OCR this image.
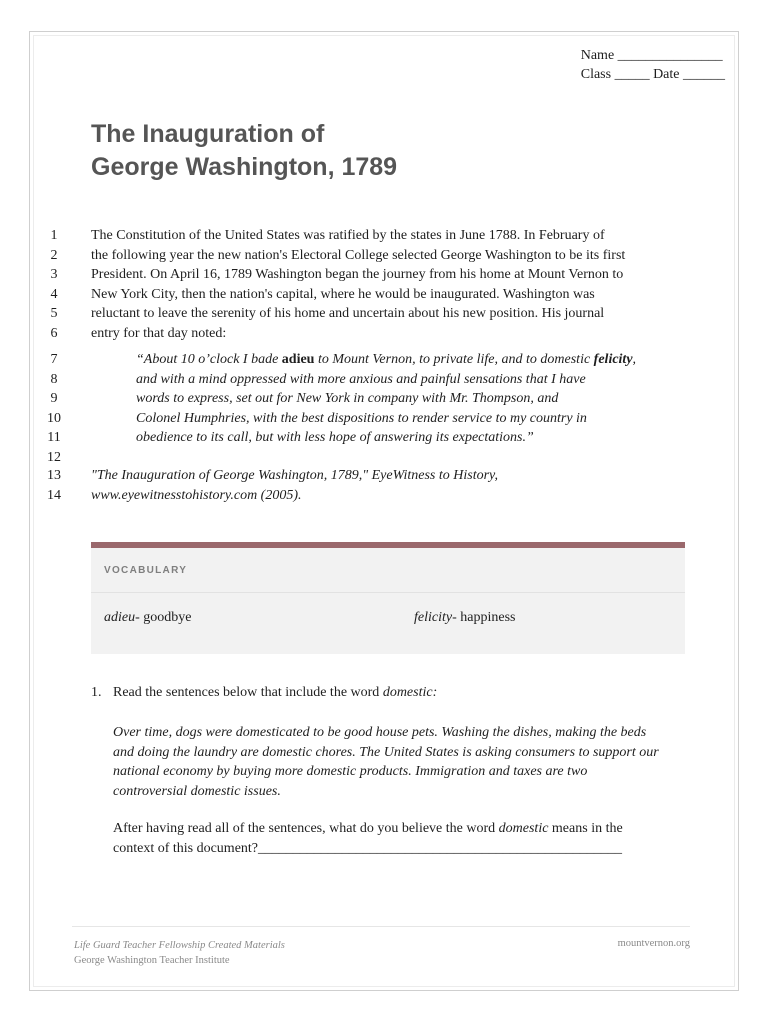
Name _______________
Class _____ Date ______
The Inauguration of
George Washington, 1789
1	The Constitution of the United States was ratified by the states in June 1788. In February of
2	the following year the new nation's Electoral College selected George Washington to be its first
3	President. On April 16, 1789 Washington began the journey from his home at Mount Vernon to
4	New York City, then the nation's capital, where he would be inaugurated. Washington was
5	reluctant to leave the serenity of his home and uncertain about his new position. His journal
6	entry for that day noted:
7	“About 10 o’clock I bade adieu to Mount Vernon, to private life, and to domestic felicity,
8	and with a mind oppressed with more anxious and painful sensations that I have
9	words to express, set out for New York in company with Mr. Thompson, and
10	Colonel Humphries, with the best dispositions to render service to my country in
11	obedience to its call, but with less hope of answering its expectations.”
12
13	"The Inauguration of George Washington, 1789," EyeWitness to History,
14	www.eyewitnesstohistory.com (2005).
VOCABULARY
adieu- goodbye	felicity- happiness
1. Read the sentences below that include the word domestic:
Over time, dogs were domesticated to be good house pets. Washing the dishes, making the beds
and doing the laundry are domestic chores. The United States is asking consumers to support our
national economy by buying more domestic products. Immigration and taxes are two
controversial domestic issues.
After having read all of the sentences, what do you believe the word domestic means in the
context of this document?____________________________________________________
Life Guard Teacher Fellowship Created Materials
George Washington Teacher Institute
mountvernon.org
